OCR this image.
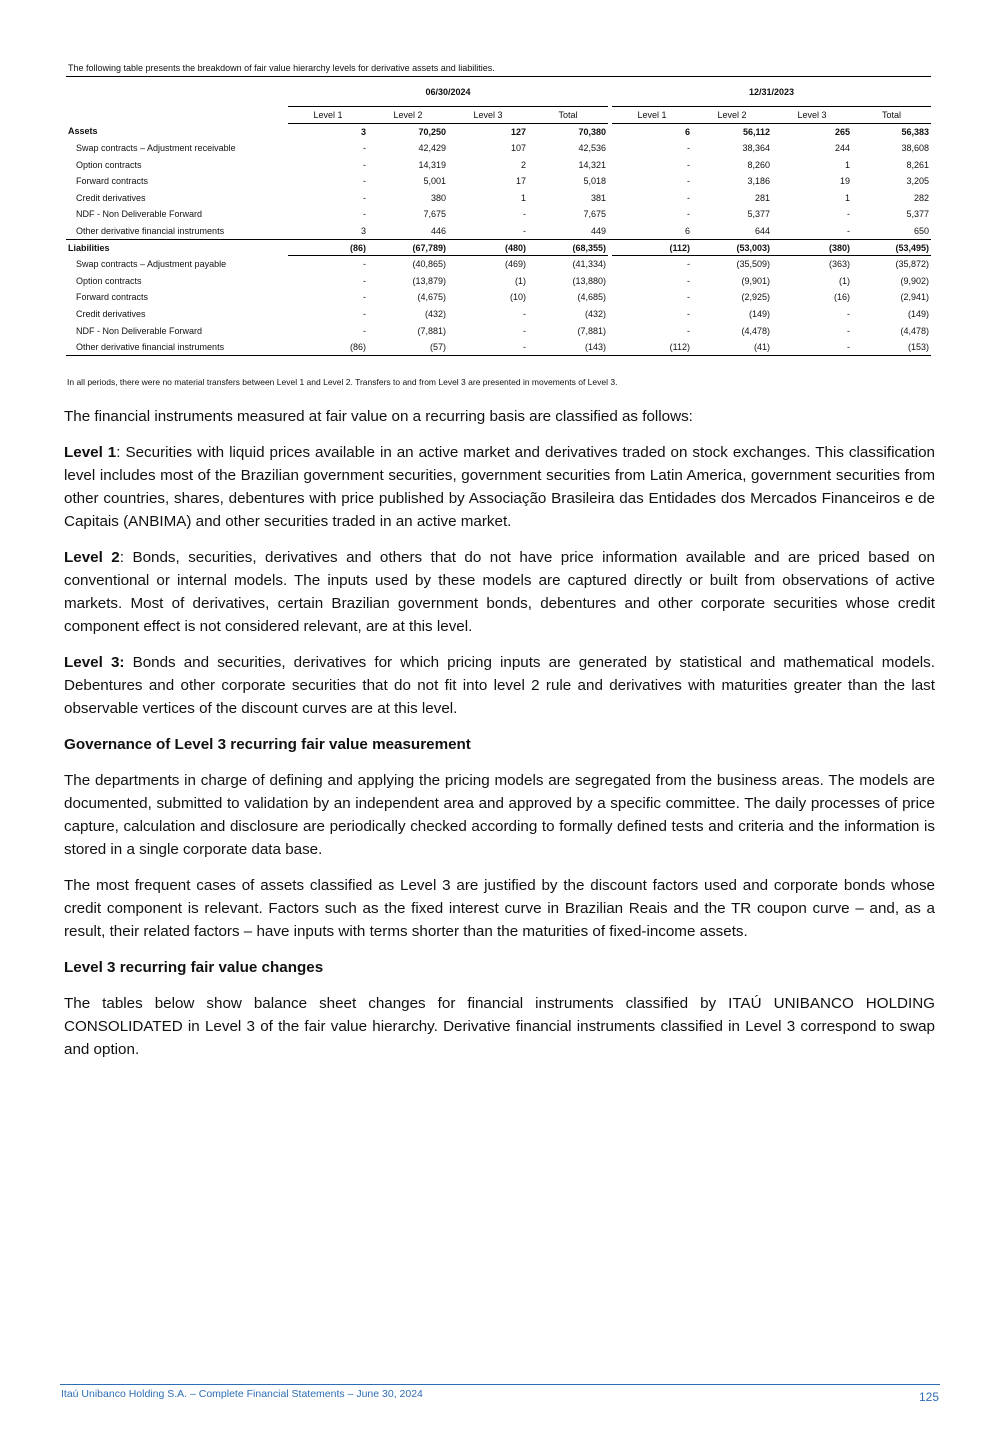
The following table presents the breakdown of fair value hierarchy levels for derivative assets and liabilities.
	06/30/2024					12/31/2023			
	Level 1	Level 2	Level 3	Total		Level 1	Level 2	Level 3	Total
Assets	3	70,250	127	70,380		6	56,112	265	56,383
Swap contracts – Adjustment receivable	-	42,429	107	42,536		-	38,364	244	38,608
Option contracts	-	14,319	2	14,321		-	8,260	1	8,261
Forward contracts	-	5,001	17	5,018		-	3,186	19	3,205
Credit derivatives	-	380	1	381		-	281	1	282
NDF - Non Deliverable Forward	-	7,675	-	7,675		-	5,377	-	5,377
Other derivative financial instruments	3	446	-	449		6	644	-	650
Liabilities	(86)	(67,789)	(480)	(68,355)		(112)	(53,003)	(380)	(53,495)
Swap contracts – Adjustment payable	-	(40,865)	(469)	(41,334)		-	(35,509)	(363)	(35,872)
Option contracts	-	(13,879)	(1)	(13,880)		-	(9,901)	(1)	(9,902)
Forward contracts	-	(4,675)	(10)	(4,685)		-	(2,925)	(16)	(2,941)
Credit derivatives	-	(432)	-	(432)		-	(149)	-	(149)
NDF - Non Deliverable Forward	-	(7,881)	-	(7,881)		-	(4,478)	-	(4,478)
Other derivative financial instruments	(86)	(57)	-	(143)		(112)	(41)	-	(153)
In all periods, there were no material transfers between Level 1 and Level 2. Transfers to and from Level 3 are presented in movements of Level 3.

The financial instruments measured at fair value on a recurring basis are classified as follows:

Level 1: Securities with liquid prices available in an active market and derivatives traded on stock exchanges. This classification level includes most of the Brazilian government securities, government securities from Latin America, government securities from other countries, shares, debentures with price published by Associação Brasileira das Entidades dos Mercados Financeiros e de Capitais (ANBIMA) and other securities traded in an active market.

Level 2: Bonds, securities, derivatives and others that do not have price information available and are priced based on conventional or internal models. The inputs used by these models are captured directly or built from observations of active markets. Most of derivatives, certain Brazilian government bonds, debentures and other corporate securities whose credit component effect is not considered relevant, are at this level.

Level 3: Bonds and securities, derivatives for which pricing inputs are generated by statistical and mathematical models. Debentures and other corporate securities that do not fit into level 2 rule and derivatives with maturities greater than the last observable vertices of the discount curves are at this level.

Governance of Level 3 recurring fair value measurement

The departments in charge of defining and applying the pricing models are segregated from the business areas. The models are documented, submitted to validation by an independent area and approved by a specific committee. The daily processes of price capture, calculation and disclosure are periodically checked according to formally defined tests and criteria and the information is stored in a single corporate data base.

The most frequent cases of assets classified as Level 3 are justified by the discount factors used and corporate bonds whose credit component is relevant. Factors such as the fixed interest curve in Brazilian Reais and the TR coupon curve – and, as a result, their related factors – have inputs with terms shorter than the maturities of fixed-income assets.

Level 3 recurring fair value changes

The tables below show balance sheet changes for financial instruments classified by ITAÚ UNIBANCO HOLDING CONSOLIDATED in Level 3 of the fair value hierarchy. Derivative financial instruments classified in Level 3 correspond to swap and option.

Itaú Unibanco Holding S.A. – Complete Financial Statements – June 30, 2024	125
